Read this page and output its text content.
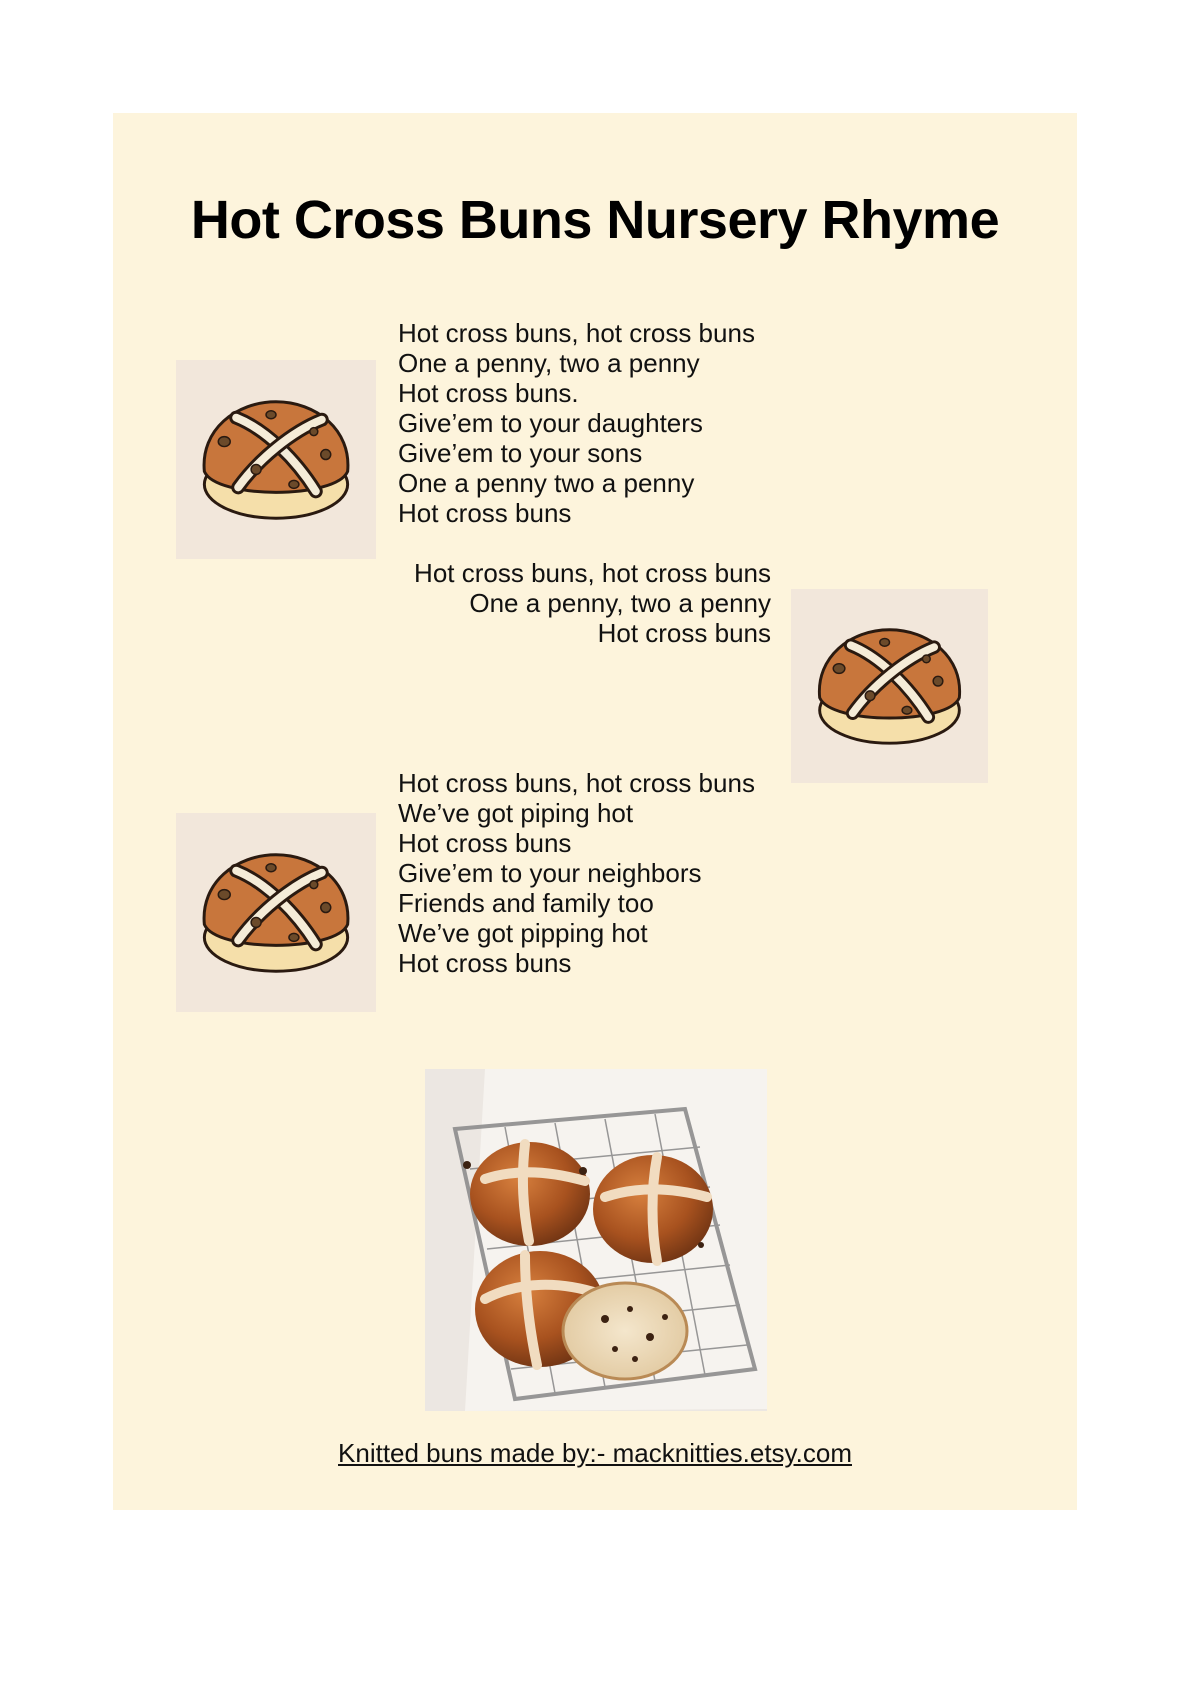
Hot Cross Buns Nursery Rhyme
Hot cross buns, hot cross buns
One a penny, two a penny
Hot cross buns.
Give’em to your daughters
Give’em to your sons
One a penny two a penny
Hot cross buns
Hot cross buns, hot cross buns
One a penny, two a penny
Hot cross buns
Hot cross buns, hot cross buns
We’ve got piping hot
Hot cross buns
Give’em to your neighbors
Friends and family too
We’ve got pipping hot
Hot cross buns
Knitted buns made by:- macknitties.etsy.com
